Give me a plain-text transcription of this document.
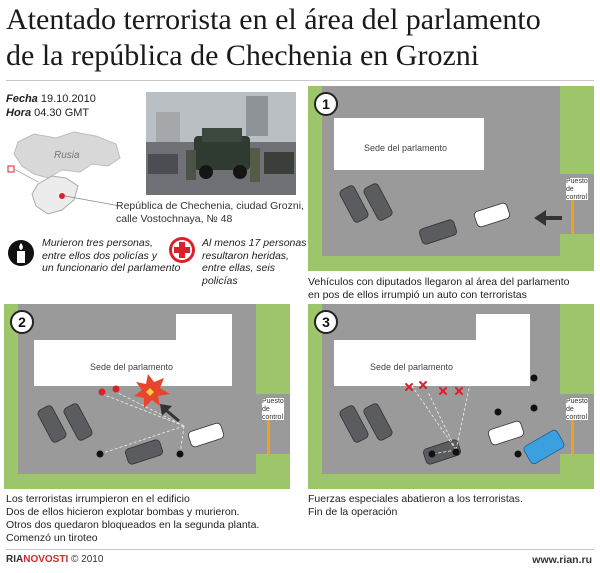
Atentado terrorista en el área del parlamento
de la república de Chechenia en Grozni
Fecha 19.10.2010
Hora 04.30 GMT
Rusia
República de Chechenia, ciudad Grozni,
calle Vostochnaya, № 48
Murieron tres personas,
entre ellos dos policías y
un funcionario del parlamento
Al menos 17 personas
resultaron heridas,
entre ellas, seis
policías
1
Sede del parlamento
Puesto
de
control
Vehículos con diputados llegaron al área del parlamento
en pos de ellos irrumpió un auto con terroristas
2
Sede del parlamento
Puesto
de
control
Los terroristas irrumpieron en el edificio
Dos de ellos hicieron explotar bombas y murieron.
Otros dos quedaron bloqueados en la segunda planta.
Comenzó un tiroteo
3
Sede del parlamento
Puesto
de
control
Fuerzas especiales abatieron a los terroristas.
Fin de la operación
RIANOVOSTI © 2010	www.rian.ru
